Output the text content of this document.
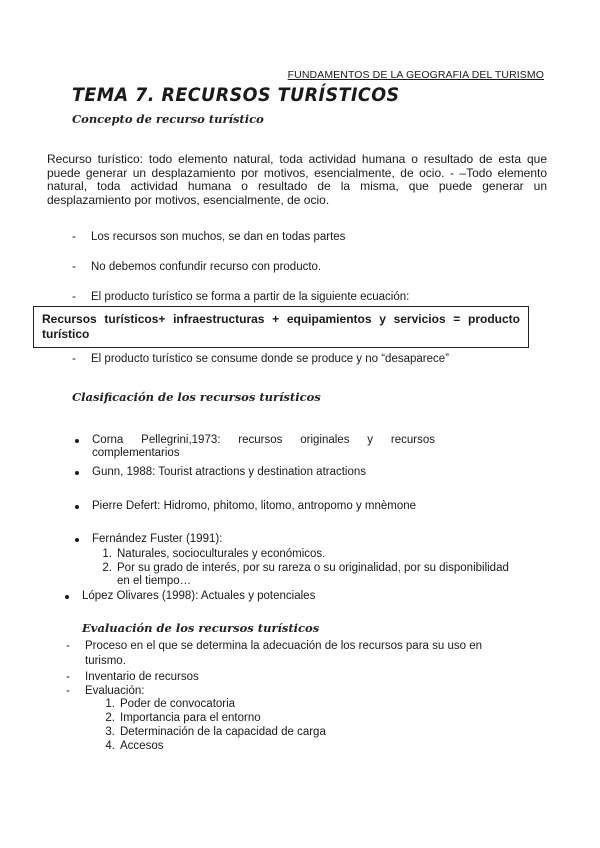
FUNDAMENTOS DE LA GEOGRAFIA DEL TURISMO
TEMA 7. RECURSOS TURÍSTICOS
Concepto de recurso turístico
Recurso turístico: todo elemento natural, toda actividad humana o resultado de esta que puede generar un desplazamiento por motivos, esencialmente, de ocio. - –Todo elemento natural, toda actividad humana o resultado de la misma, que puede generar un desplazamiento por motivos, esencialmente, de ocio.
- Los recursos son muchos, se dan en todas partes
- No debemos confundir recurso con producto.
- El producto turístico se forma a partir de la siguiente ecuación:
Recursos turísticos+ infraestructuras + equipamientos y servicios = producto turístico
- El producto turístico se consume donde se produce y no “desaparece”
Clasificación de los recursos turísticos
Corna Pellegrini,1973: recursos originales y recursos
complementarios
Gunn, 1988: Tourist atractions y destination atractions
Pierre Defert: Hidromo, phitomo, litomo, antropomo y mnèmone
Fernández Fuster (1991):
1. Naturales, socioculturales y económicos.
2. Por su grado de interés, por su rareza o su originalidad, por su disponibilidad
en el tiempo…
López Olivares (1998): Actuales y potenciales
Evaluación de los recursos turísticos
- Proceso en el que se determina la adecuación de los recursos para su uso en
turismo.
- Inventario de recursos
- Evaluación:
1. Poder de convocatoria
2. Importancia para el entorno
3. Determinación de la capacidad de carga
4. Accesos
